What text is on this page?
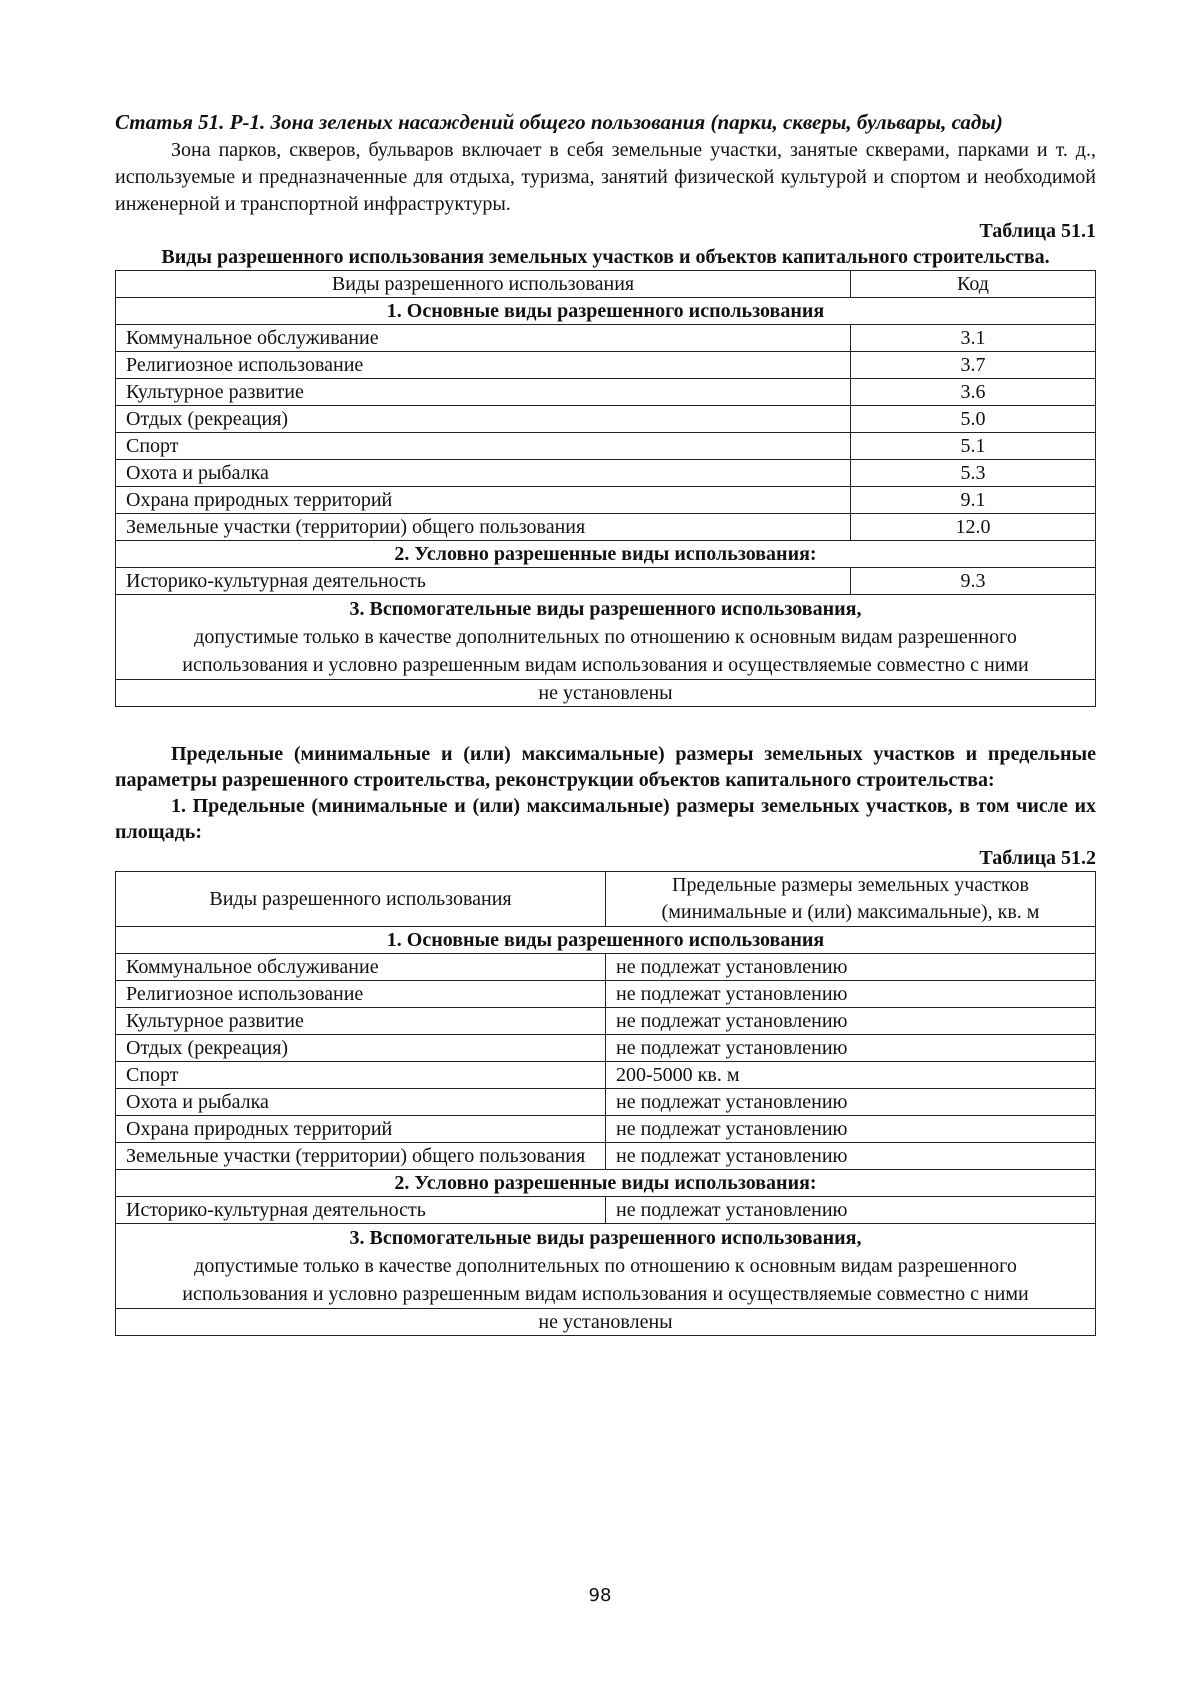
Статья 51. Р-1. Зона зеленых насаждений общего пользования (парки, скверы, бульвары, сады)

Зона парков, скверов, бульваров включает в себя земельные участки, занятые скверами, парками и т. д., используемые и предназначенные для отдыха, туризма, занятий физической культурой и спортом и необходимой инженерной и транспортной инфраструктуры.

Таблица 51.1

Виды разрешенного использования земельных участков и объектов капитального строительства.

Виды разрешенного использования	Код
1. Основные виды разрешенного использования	
Коммунальное обслуживание	3.1
Религиозное использование	3.7
Культурное развитие	3.6
Отдых (рекреация)	5.0
Спорт	5.1
Охота и рыбалка	5.3
Охрана природных территорий	9.1
Земельные участки (территории) общего пользования	12.0
2. Условно разрешенные виды использования:	
Историко-культурная деятельность	9.3

3. Вспомогательные виды разрешенного использования,
допустимые только в качестве дополнительных по отношению к основным видам разрешенного использования и условно разрешенным видам использования и осуществляемые совместно с ними	

не установлены	

Предельные (минимальные и (или) максимальные) размеры земельных участков и предельные параметры разрешенного строительства, реконструкции объектов капитального строительства:

1. Предельные (минимальные и (или) максимальные) размеры земельных участков, в том числе их площадь:

Таблица 51.2

Виды разрешенного использования	Предельные размеры земельных участков (минимальные и (или) максимальные), кв. м
1. Основные виды разрешенного использования	
Коммунальное обслуживание	не подлежат установлению
Религиозное использование	не подлежат установлению
Культурное развитие	не подлежат установлению
Отдых (рекреация)	не подлежат установлению
Спорт	200-5000 кв. м
Охота и рыбалка	не подлежат установлению
Охрана природных территорий	не подлежат установлению
Земельные участки (территории) общего пользования	не подлежат установлению
2. Условно разрешенные виды использования:	
Историко-культурная деятельность	не подлежат установлению

3. Вспомогательные виды разрешенного использования,
допустимые только в качестве дополнительных по отношению к основным видам разрешенного использования и условно разрешенным видам использования и осуществляемые совместно с ними	

не установлены	
98
